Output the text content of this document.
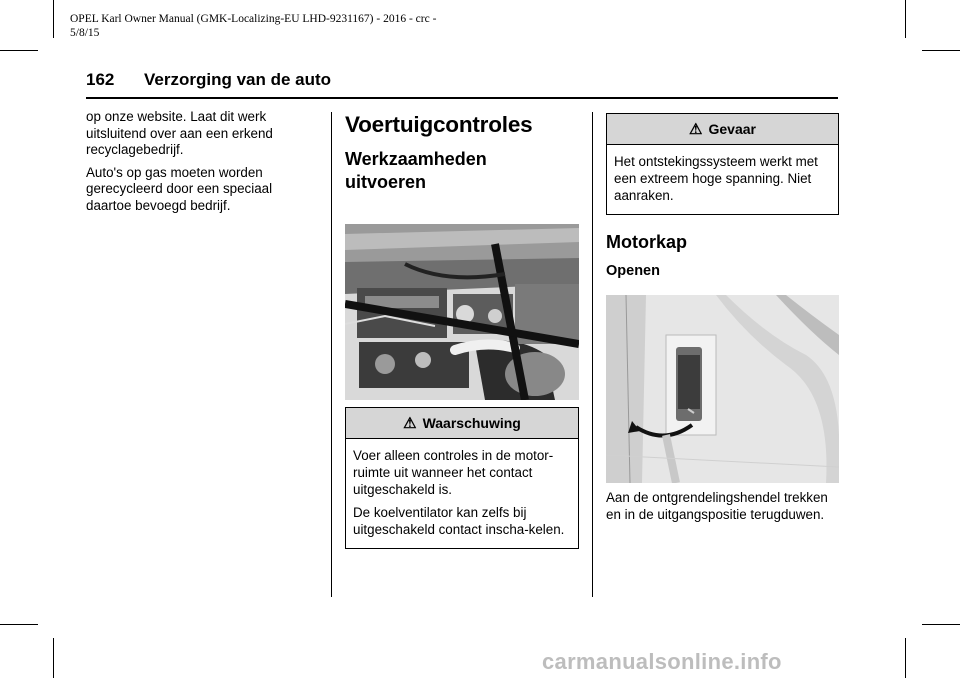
OPEL Karl Owner Manual (GMK-Localizing-EU LHD-9231167) - 2016 - crc -
5/8/15
162 Verzorging van de auto

op onze website. Laat dit werk uitsluitend over aan een erkend recyclagebedrijf.

Auto's op gas moeten worden gerecycleerd door een speciaal daartoe bevoegd bedrijf.

Voertuigcontroles
Werkzaamheden
uitvoeren
⚠ Waarschuwing

Voer alleen controles in de motor-ruimte uit wanneer het contact uitgeschakeld is.

De koelventilator kan zelfs bij uitgeschakeld contact inscha-kelen.

⚠ Gevaar

Het ontstekingssysteem werkt met een extreem hoge spanning. Niet aanraken.

Motorkap
Openen

Aan de ontgrendelingshendel trekken en in de uitgangspositie terugduwen.

carmanualsonline.info
